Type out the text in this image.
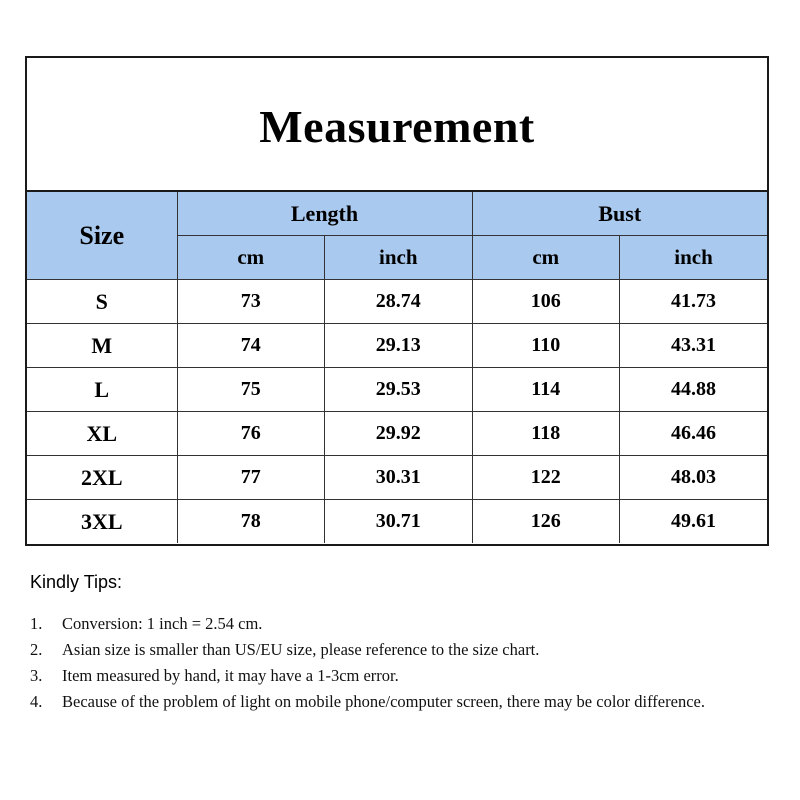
Measurement
Size	Length		Bust	
	cm	inch	cm	inch
S	73	28.74	106	41.73
M	74	29.13	110	43.31
L	75	29.53	114	44.88
XL	76	29.92	118	46.46
2XL	77	30.31	122	48.03
3XL	78	30.71	126	49.61
Kindly Tips:
1.	Conversion: 1 inch = 2.54 cm.
2.	Asian size is smaller than US/EU size, please reference to the size chart.
3.	Item measured by hand, it may have a 1-3cm error.
4.	Because of the problem of light on mobile phone/computer screen, there may be color difference.
